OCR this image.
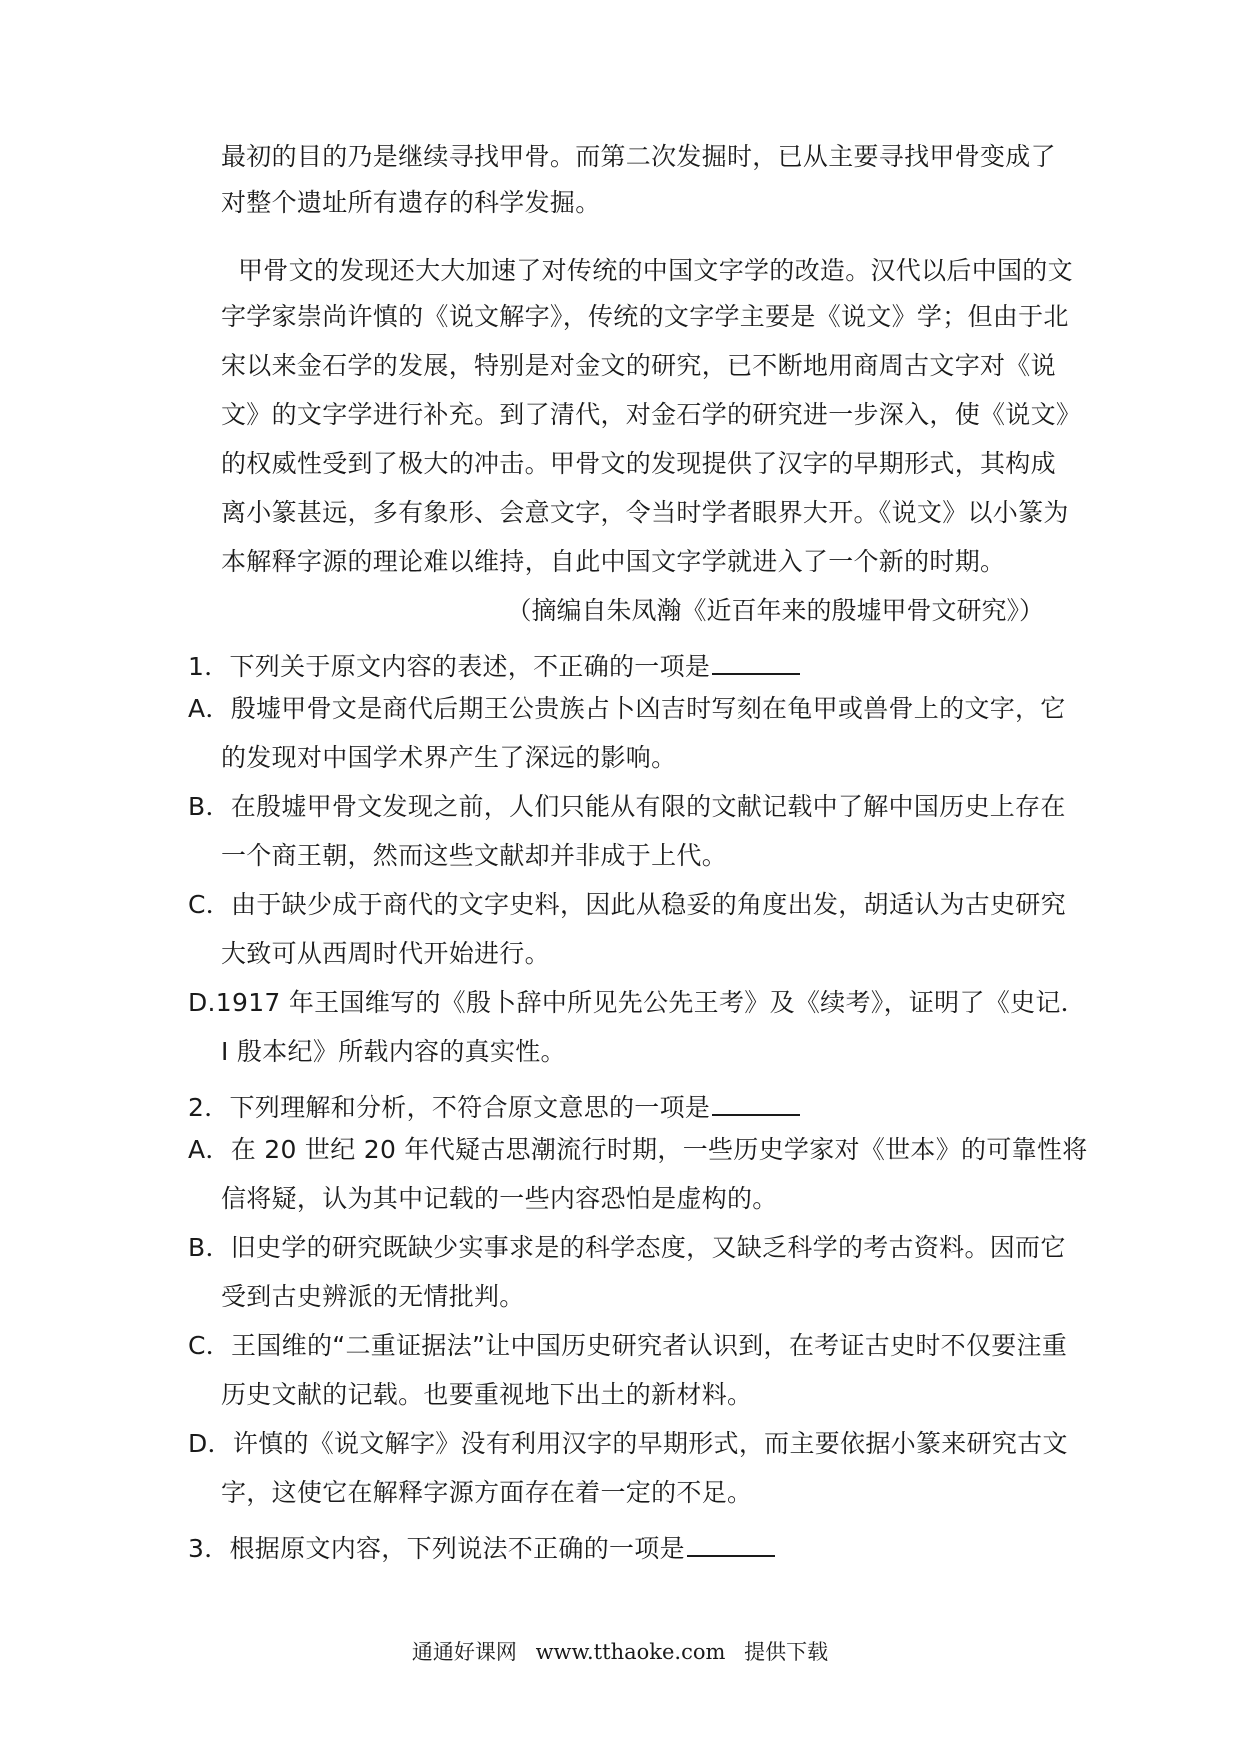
最初的目的乃是继续寻找甲骨。而第二次发掘时，已从主要寻找甲骨变成了
对整个遗址所有遗存的科学发掘。
甲骨文的发现还大大加速了对传统的中国文字学的改造。汉代以后中国的文
字学家崇尚许慎的《说文解字》，传统的文字学主要是《说文》学；但由于北
宋以来金石学的发展，特别是对金文的研究，已不断地用商周古文字对《说
文》的文字学进行补充。到了清代，对金石学的研究进一步深入，使《说文》
的权威性受到了极大的冲击。甲骨文的发现提供了汉字的早期形式，其构成
离小篆甚远，多有象形、会意文字，令当时学者眼界大开。《说文》以小篆为
本解释字源的理论难以维持，自此中国文字学就进入了一个新的时期。
（摘编自朱凤瀚《近百年来的殷墟甲骨文研究》）
1．下列关于原文内容的表述，不正确的一项是
A．殷墟甲骨文是商代后期王公贵族占卜凶吉时写刻在龟甲或兽骨上的文字，它
的发现对中国学术界产生了深远的影响。
B．在殷墟甲骨文发现之前，人们只能从有限的文献记载中了解中国历史上存在
一个商王朝，然而这些文献却并非成于上代。
C．由于缺少成于商代的文字史料，因此从稳妥的角度出发，胡适认为古史研究
大致可从西周时代开始进行。
D.1917 年王国维写的《殷卜辞中所见先公先王考》及《续考》，证明了《史记．
I 殷本纪》所载内容的真实性。
2．下列理解和分析，不符合原文意思的一项是
A．在 20 世纪 20 年代疑古思潮流行时期，一些历史学家对《世本》的可靠性将
信将疑，认为其中记载的一些内容恐怕是虚构的。
B．旧史学的研究既缺少实事求是的科学态度，又缺乏科学的考古资料。因而它
受到古史辨派的无情批判。
C．王国维的“二重证据法”让中国历史研究者认识到，在考证古史时不仅要注重
历史文献的记载。也要重视地下出土的新材料。
D．许慎的《说文解字》没有利用汉字的早期形式，而主要依据小篆来研究古文
字，这使它在解释字源方面存在着一定的不足。
3．根据原文内容，下列说法不正确的一项是
通通好课网 www.tthaoke.com 提供下载
